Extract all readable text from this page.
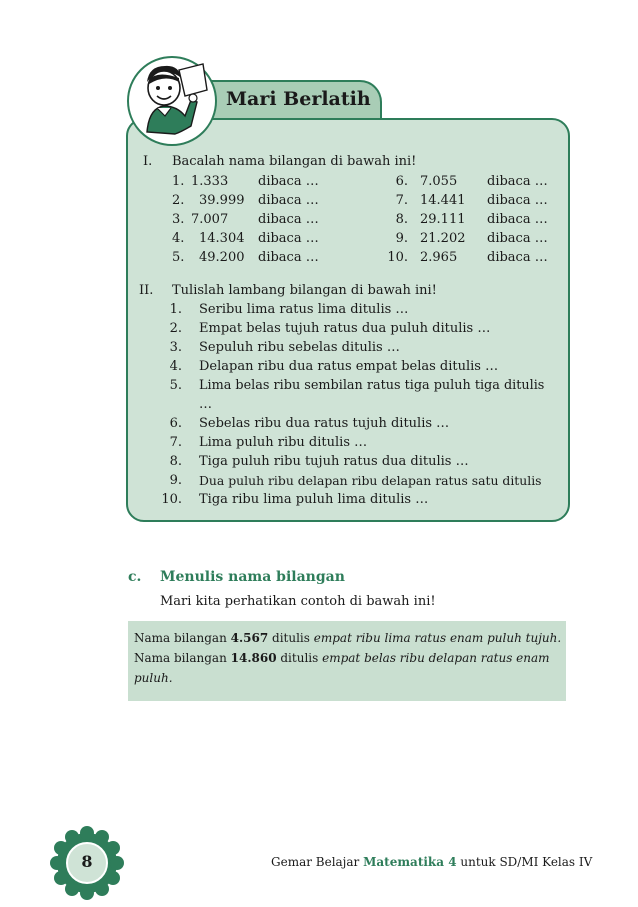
Mari Berlatih
I. Bacalah nama bilangan di bawah ini!
1. 1.333 dibaca …
2. 39.999 dibaca …
3. 7.007 dibaca …
4. 14.304 dibaca …
5. 49.200 dibaca …
6. 7.055 dibaca …
7. 14.441 dibaca …
8. 29.111 dibaca …
9. 21.202 dibaca …
10. 2.965 dibaca …
II. Tulislah lambang bilangan di bawah ini!
1. Seribu lima ratus lima ditulis …
2. Empat belas tujuh ratus dua puluh ditulis …
3. Sepuluh ribu sebelas ditulis …
4. Delapan ribu dua ratus empat belas ditulis …
5. Lima belas ribu sembilan ratus tiga puluh tiga ditulis
…
6. Sebelas ribu dua ratus tujuh ditulis …
7. Lima puluh ribu ditulis …
8. Tiga puluh ribu tujuh ratus dua ditulis …
9. Dua puluh ribu delapan ribu delapan ratus satu ditulis
10. Tiga ribu lima puluh lima ditulis …
c. Menulis nama bilangan
Mari kita perhatikan contoh di bawah ini!
Nama bilangan 4.567 ditulis empat ribu lima ratus enam puluh tujuh.
Nama bilangan 14.860 ditulis empat belas ribu delapan ratus enam
puluh.
8	Gemar Belajar Matematika 4 untuk SD/MI Kelas IV
